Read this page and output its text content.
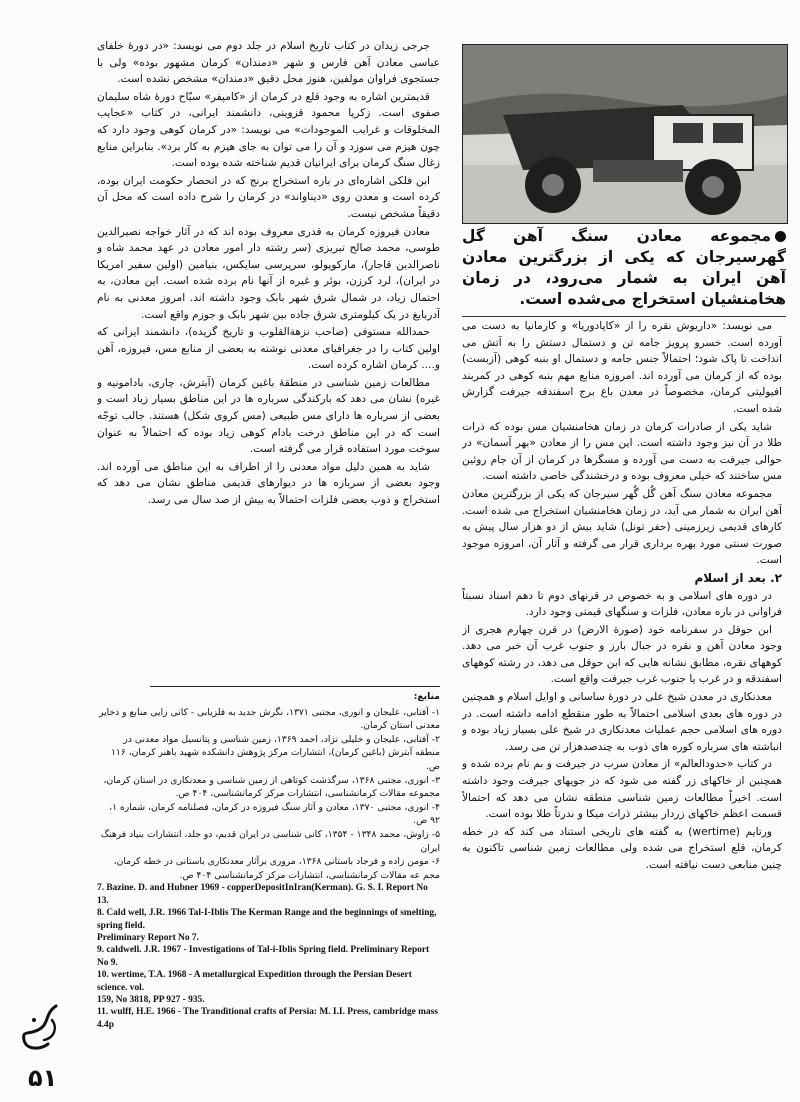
جرجی زیدان در کتاب تاریخ اسلام در جلد دوم می نویسد: «در دورهٔ خلفای عباسی معادن آهن فارس و شهر «دمندان» کرمان مشهور بوده» ولی با جستجوی فراوان مولفین، هنوز محل دقیق «دمندان» مشخص نشده است.

قدیمترین اشاره به وجود قلع در کرمان از «کامپفر» سیّاح دورهٔ شاه سلیمان صفوی است. زکریا محمود قزوینی، دانشمند ایرانی، در کتاب «عجایب المخلوقات و غرایب الموجودات» می نویسد: «در کرمان کوهی وجود دارد که چون هیزم می سوزد و آن را می توان به جای هیزم به کار برد». بنابراین منابع زغال سنگ کرمان برای ایرانیان قدیم شناخته شده بوده است.

ابن فلکی اشاره‌ای در باره استخراج برنج که در انحصار حکومت ایران بوده، کرده است و معدن روی «دیناواند» در کرمان را شرح داده است که محل آن دقیقاً مشخص نیست.

معادن فیروزه کرمان به قدری معروف بوده اند که در آثار خواجه نصیرالدین طوسی، محمد صالح تبریزی (سر رشته دار امور معادن در عهد محمد شاه و ناصرالدین قاجار)، مارکوپولو، سرپرسی سایکس، بنیامین (اولین سفیر امریکا در ایران)، لرد کرزن، بوئر و غیره از آنها نام برده شده است. این معادن، به احتمال زیاد، در شمال شرق شهر بابک وجود داشته اند. امروز معدنی به نام آدربایغ در یک کیلومتری شرق جاده بین شهر بابک و جوزم واقع است.

حمدالله مستوفی (صاحب نزهةالقلوب و تاریخ گزیده)، دانشمند ایرانی که اولین کتاب را در جغرافیای معدنی نوشته به بعضی از منابع مس، فیروزه، آهن و.... کرمان اشاره کرده است.

مطالعات زمین شناسی در منطقهٔ باغین کرمان (آبترش، چاری، بادامونیه و غیره) نشان می دهد که بارکندگی سرباره ها در این مناطق بسیار زیاد است و بعضی از سرباره ها دارای مس طبیعی (مس کروی شکل) هستند. جالب توجّه است که در این مناطق درخت بادام کوهی زیاد بوده که احتمالاً به عنوان سوخت مورد استفاده قرار می گرفته است.

شاید به همین دلیل مواد معدنی را از اطراف به این مناطق می آورده اند. وجود بعضی از سرباره ها در دیوارهای قدیمی مناطق نشان می دهد که استخراج و ذوب بعضی فلزات احتمالاً به بیش از صد سال می رسد.

منابع:

۱- آفتابی، علیجان و انوری، مجتبی ۱۳۷۱، نگرش جدید به فلزیابی - کانی زایی منابع و ذخایر معدنی استان کرمان.

۲- آفتابی، علیجان و خلیلی نژاد، احمد ۱۳۶۹، زمین شناسی و پتانسیل مواد معدنی در منطقه آبترش (باغین کرمان)، انتشارات مرکز پژوهش دانشکده شهید باهنر کرمان، ۱۱۶ ص.

۳- انوری، مجتبی ۱۳۶۸، سرگذشت کوتاهی از زمین شناسی و معدنکاری در استان کرمان، مجموعه مقالات کرمانشناسی، انتشارات مرکز کرمانشناسی، ۴۰۴ ص.

۴- انوری، مجتبی ۱۳۷۰، معادن و آثار سنگ فیروزه در کرمان، فصلنامه کرمان، شماره ۱، ۹۲ ص.

۵- زاوش، محمد ۱۳۴۸ - ۱۳۵۴، کانی شناسی در ایران قدیم، دو جلد، انتشارات بنیاد فرهنگ ایران

۶- مومن زاده و فرجاد باستانی ۱۳۶۸، مروری برآثار معدنکاری باستانی در خطه کرمان، مجم عه مقالات کرمانشناسی، انتشارات مرکز کرمانشناسی ۴۰۴ ص.

7. Bazine. D. and Hubner 1969 - copperDepositInIran(Kerman). G. S. I. Report No 13.

8. Cald well, J.R. 1966 Tal-I-Iblis The Kerman Range and the beginnings of smelting, spring field.

Preliminary Report No 7.

9. caldwell. J.R. 1967 - Investigations of Tal-i-Iblis Spring field. Preliminary Report No 9.

10. wertime, T.A. 1968 - A metallurgical Expedition through the Persian Desert science. vol.

159, No 3818, PP 927 - 935.

11. wulff, H.E. 1966 - The Tranditional crafts of Persia: M. I.I. Press, cambridge mass 4.4p

مجموعه معادن سنگ آهن گل گهرسیرجان که یکی از بزرگترین معادن آهن ایران به شمار می‌رود، در زمان هخامنشیان استخراج می‌شده است.

می نویسد: «داریوش نقره را از «کاپادوریا» و کارمانیا به دست می آورده است. خسرو پرویز جامه تن و دستمال دستش را به آتش می انداخت تا پاک شود؛ احتمالاً جنس جامه و دستمال او بنبه کوهی (آزبست) بوده که از کرمان می آورده اند. امروزه منابع مهم بنبه کوهی در کمربند افیولیتی کرمان، مخصوصاً در معدن باغ برج اسفندقه جیرفت گزارش شده است.

شاید یکی از صادرات کرمان در زمان هخامنشیان مس بوده که ذرات طلا در آن نیز وجود داشته است. این مس را از معادن «بهر آسمان» در حوالی جیرفت به دست می آورده‌ و مسگرها در کرمان از آن جام روئین مس ساختند که خیلی معروف بوده و درخشندگی خاصی داشته است.

مجموعه معادن سنگ آهن گُل گُهر سیرجان که یکی از بزرگترین معادن آهن ایران به شمار می آید، در زمان هخامنشیان استخراج می شده است. کارهای قدیمی زیرزمینی (حفر تونل) شاید بیش از دو هزار سال پیش به صورت سنتی مورد بهره برداری قرار می گرفته و آثار آن، امروزه موجود است.

۲. بعد از اسلام

در دوره های اسلامی و به خصوص در قرنهای دوم تا دهم اسناد نسبتاً فراوانی در باره معادن، فلزات و سنگهای قیمتی وجود دارد.

ابن حوقل در سفرنامه خود (صورة الارض) در قرن چهارم هجری از وجود معادن آهن و نقره در جبال بارز و جنوب غرب آن خبر می دهد. کوههای نقره، مطابق نشانه هایی که ابن حوقل می دهد، در رشته کوههای اسفندقه و در غرب یا جنوب غرب جیرفت واقع است.

معدنکاری در معدن شیخ علی در دورهٔ ساسانی و اوایل اسلام و همچنین در دوره های بعدی اسلامی احتمالاً به طور منقطع ادامه داشته است. در دوره های اسلامی حجم عملیات معدنکاری در شیخ علی بسیار زیاد بوده و انباشته های سرباره کوره های ذوب به چندصدهزار تن می رسد.

در کتاب «حدودالعالم» از معادن سرب در جیرفت و بم نام برده شده و همچنین از خاکهای زر گفته می شود که در جویهای جیرفت وجود داشته است. اخیراً مطالعات زمین شناسی منطقه نشان می دهد که احتمالاً قسمت اعظم خاکهای زردار بیشتر ذرات میکا و ندرتاً طلا بوده است.

ورتایم (wertime) به گفته های تاریخی استناد می کند که در خطه کرمان، قلع استخراج می شده ولی مطالعات زمین شناسی تاکنون به چنین منابعی دست نیافته است.

۵۱
